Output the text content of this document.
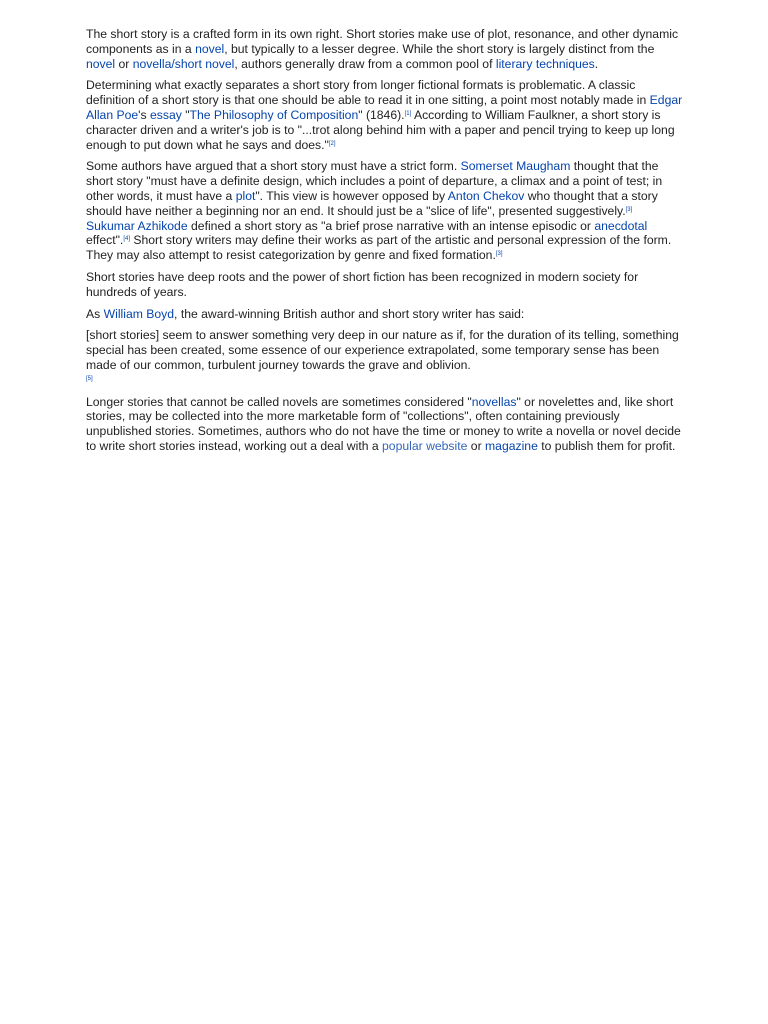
The short story is a crafted form in its own right. Short stories make use of plot, resonance, and other dynamic components as in a novel, but typically to a lesser degree. While the short story is largely distinct from the novel or novella/short novel, authors generally draw from a common pool of literary techniques.

Determining what exactly separates a short story from longer fictional formats is problematic. A classic definition of a short story is that one should be able to read it in one sitting, a point most notably made in Edgar Allan Poe's essay "The Philosophy of Composition" (1846).[1] According to William Faulkner, a short story is character driven and a writer's job is to "...trot along behind him with a paper and pencil trying to keep up long enough to put down what he says and does."[2]

Some authors have argued that a short story must have a strict form. Somerset Maugham thought that the short story "must have a definite design, which includes a point of departure, a climax and a point of test; in other words, it must have a plot". This view is however opposed by Anton Chekov who thought that a story should have neither a beginning nor an end. It should just be a "slice of life", presented suggestively.[3] Sukumar Azhikode defined a short story as "a brief prose narrative with an intense episodic or anecdotal effect".[4] Short story writers may define their works as part of the artistic and personal expression of the form. They may also attempt to resist categorization by genre and fixed formation.[3]

Short stories have deep roots and the power of short fiction has been recognized in modern society for hundreds of years.

As William Boyd, the award-winning British author and short story writer has said:

[short stories] seem to answer something very deep in our nature as if, for the duration of its telling, something special has been created, some essence of our experience extrapolated, some temporary sense has been made of our common, turbulent journey towards the grave and oblivion.
[5]

Longer stories that cannot be called novels are sometimes considered "novellas" or novelettes and, like short stories, may be collected into the more marketable form of "collections", often containing previously unpublished stories. Sometimes, authors who do not have the time or money to write a novella or novel decide to write short stories instead, working out a deal with a popular website or magazine to publish them for profit.
